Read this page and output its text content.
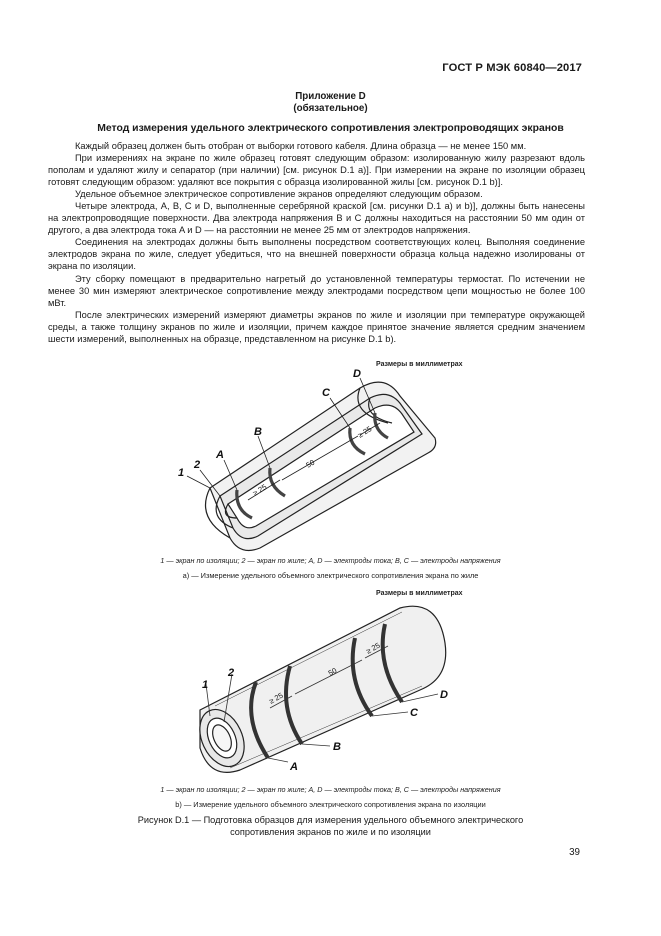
ГОСТ Р МЭК 60840—2017
Приложение D
(обязательное)
Метод измерения удельного электрического сопротивления электропроводящих экранов

Каждый образец должен быть отобран от выборки готового кабеля. Длина образца — не менее 150 мм.

При измерениях на экране по жиле образец готовят следующим образом: изолированную жилу разрезают вдоль пополам и удаляют жилу и сепаратор (при наличии) [см. рисунок D.1 a)]. При измерении на экране по изоляции образец готовят следующим образом: удаляют все покрытия с образца изолированной жилы [см. рисунок D.1 b)].

Удельное объемное электрическое сопротивление экранов определяют следующим образом.

Четыре электрода, A, B, C и D, выполненные серебряной краской [см. рисунки D.1 a) и b)], должны быть нанесены на электропроводящие поверхности. Два электрода напряжения B и C должны находиться на расстоянии 50 мм один от другого, а два электрода тока A и D — на расстоянии не менее 25 мм от электродов напряжения.

Соединения на электродах должны быть выполнены посредством соответствующих колец. Выполняя соединение электродов экрана по жиле, следует убедиться, что на внешней поверхности образца кольца надежно изолированы от экрана по изоляции.

Эту сборку помещают в предварительно нагретый до установленной температуры термостат. По истечении не менее 30 мин измеряют электрическое сопротивление между электродами посредством цепи мощностью не более 100 мВт.

После электрических измерений измеряют диаметры экранов по жиле и изоляции при температуре окружающей среды, а также толщину экранов по жиле и изоляции, причем каждое принятое значение является средним значением шести измерений, выполненных на образце, представленном на рисунке D.1 b).

Размеры в миллиметрах
1
2
A
B
C
D
≥ 25
50
≥ 25
1 — экран по изоляции; 2 — экран по жиле; A, D — электроды тока; B, C — электроды напряжения
a) — Измерение удельного объемного электрического сопротивления экрана по жиле
Размеры в миллиметрах
1
2
A
B
C
D
≥ 25
50
≥ 25
1 — экран по изоляции; 2 — экран по жиле; A, D — электроды тока; B, C — электроды напряжения
b) — Измерение удельного объемного электрического сопротивления экрана по изоляции
Рисунок D.1 — Подготовка образцов для измерения удельного объемного электрического сопротивления экранов по жиле и по изоляции
39
